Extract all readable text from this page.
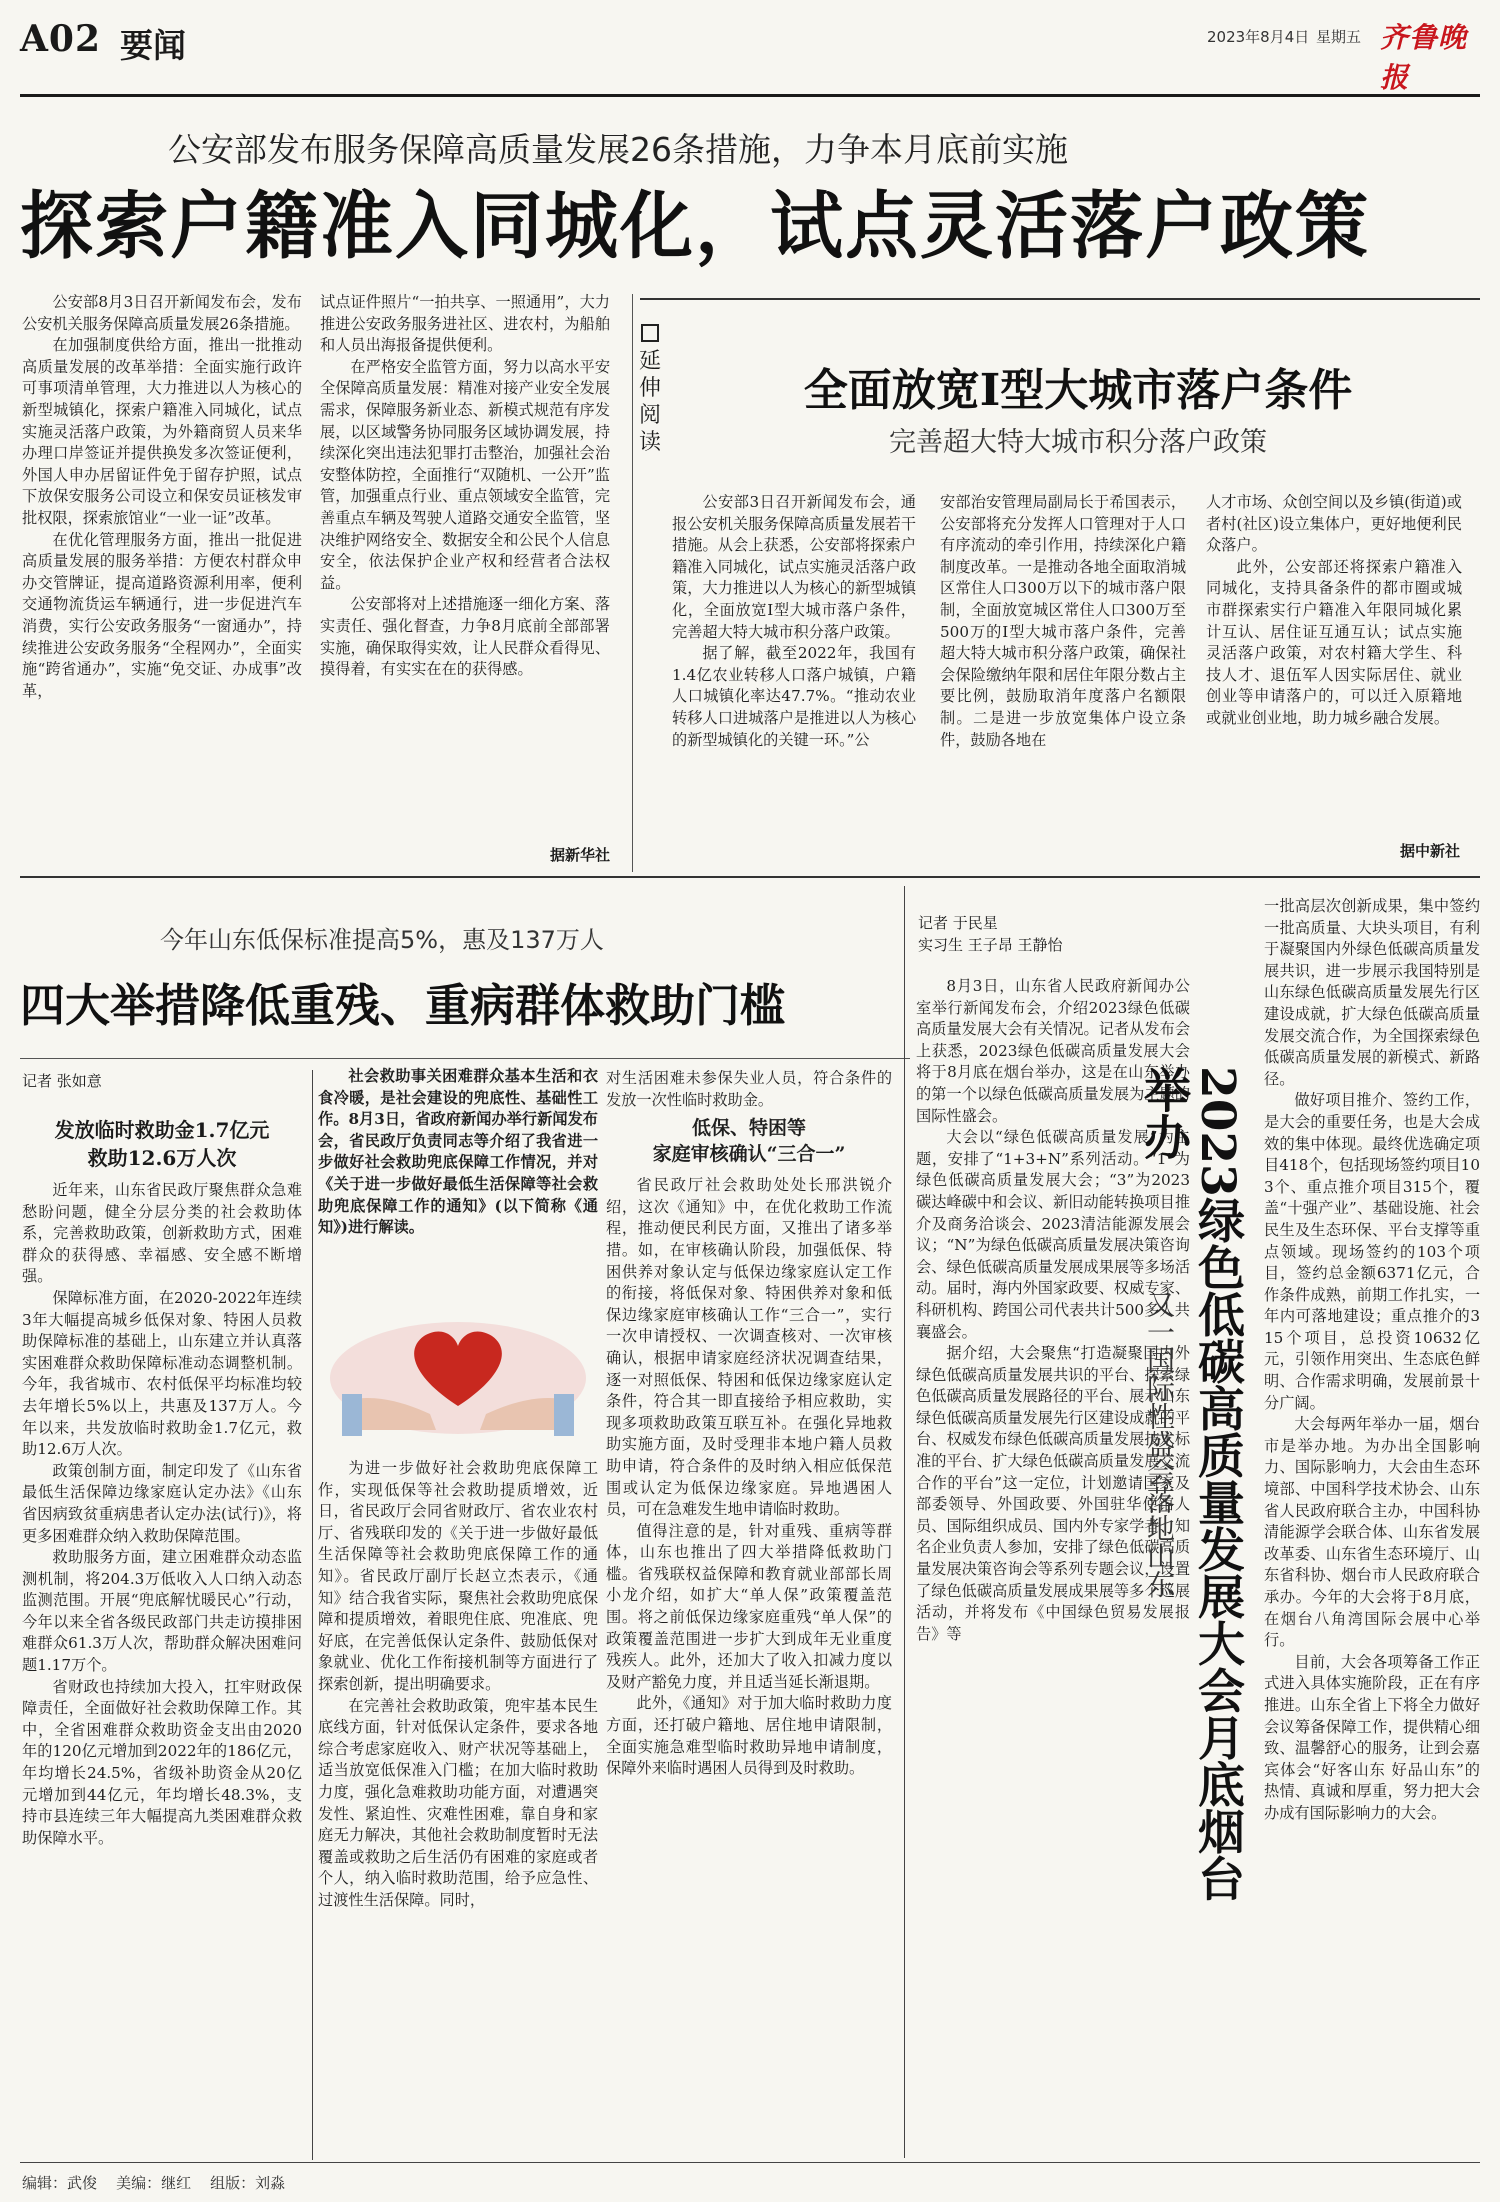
A02 要闻	2023年8月4日 星期五 齐鲁晚报
公安部发布服务保障高质量发展26条措施，力争本月底前实施
探索户籍准入同城化，试点灵活落户政策

公安部8月3日召开新闻发布会，发布公安机关服务保障高质量发展26条措施。

在加强制度供给方面，推出一批推动高质量发展的改革举措：全面实施行政许可事项清单管理，大力推进以人为核心的新型城镇化，探索户籍准入同城化，试点实施灵活落户政策，为外籍商贸人员来华办理口岸签证并提供换发多次签证便利，外国人申办居留证件免于留存护照，试点下放保安服务公司设立和保安员证核发审批权限，探索旅馆业“一业一证”改革。

在优化管理服务方面，推出一批促进高质量发展的服务举措：方便农村群众申办交管牌证，提高道路资源利用率，便利交通物流货运车辆通行，进一步促进汽车消费，实行公安政务服务“一窗通办”，持续推进公安政务服务“全程网办”，全面实施“跨省通办”，实施“免交证、办成事”改革，

试点证件照片“一拍共享、一照通用”，大力推进公安政务服务进社区、进农村，为船舶和人员出海报备提供便利。

在严格安全监管方面，努力以高水平安全保障高质量发展：精准对接产业安全发展需求，保障服务新业态、新模式规范有序发展，以区域警务协同服务区域协调发展，持续深化突出违法犯罪打击整治，加强社会治安整体防控，全面推行“双随机、一公开”监管，加强重点行业、重点领域安全监管，完善重点车辆及驾驶人道路交通安全监管，坚决维护网络安全、数据安全和公民个人信息安全，依法保护企业产权和经营者合法权益。

公安部将对上述措施逐一细化方案、落实责任、强化督查，力争8月底前全部部署实施，确保取得实效，让人民群众看得见、摸得着，有实实在在的获得感。

据新华社
延伸阅读
全面放宽Ⅰ型大城市落户条件
完善超大特大城市积分落户政策

公安部3日召开新闻发布会，通报公安机关服务保障高质量发展若干措施。从会上获悉，公安部将探索户籍准入同城化，试点实施灵活落户政策，大力推进以人为核心的新型城镇化，全面放宽Ⅰ型大城市落户条件，完善超大特大城市积分落户政策。

据了解，截至2022年，我国有1.4亿农业转移人口落户城镇，户籍人口城镇化率达47.7%。“推动农业转移人口进城落户是推进以人为核心的新型城镇化的关键一环。”公

安部治安管理局副局长于希国表示，公安部将充分发挥人口管理对于人口有序流动的牵引作用，持续深化户籍制度改革。一是推动各地全面取消城区常住人口300万以下的城市落户限制，全面放宽城区常住人口300万至500万的Ⅰ型大城市落户条件，完善超大特大城市积分落户政策，确保社会保险缴纳年限和居住年限分数占主要比例，鼓励取消年度落户名额限制。二是进一步放宽集体户设立条件，鼓励各地在

人才市场、众创空间以及乡镇(街道)或者村(社区)设立集体户，更好地便利民众落户。

此外，公安部还将探索户籍准入同城化，支持具备条件的都市圈或城市群探索实行户籍准入年限同城化累计互认、居住证互通互认；试点实施灵活落户政策，对农村籍大学生、科技人才、退伍军人因实际居住、就业创业等申请落户的，可以迁入原籍地或就业创业地，助力城乡融合发展。

据中新社
今年山东低保标准提高5%，惠及137万人
四大举措降低重残、重病群体救助门槛
记者 张如意
发放临时救助金1.7亿元
救助12.6万人次

近年来，山东省民政厅聚焦群众急难愁盼问题，健全分层分类的社会救助体系，完善救助政策，创新救助方式，困难群众的获得感、幸福感、安全感不断增强。

保障标准方面，在2020-2022年连续3年大幅提高城乡低保对象、特困人员救助保障标准的基础上，山东建立并认真落实困难群众救助保障标准动态调整机制。今年，我省城市、农村低保平均标准均较去年增长5%以上，共惠及137万人。今年以来，共发放临时救助金1.7亿元，救助12.6万人次。

政策创制方面，制定印发了《山东省最低生活保障边缘家庭认定办法》《山东省因病致贫重病患者认定办法(试行)》，将更多困难群众纳入救助保障范围。

救助服务方面，建立困难群众动态监测机制，将204.3万低收入人口纳入动态监测范围。开展“兜底解忧暖民心”行动，今年以来全省各级民政部门共走访摸排困难群众61.3万人次，帮助群众解决困难问题1.17万个。

省财政也持续加大投入，扛牢财政保障责任，全面做好社会救助保障工作。其中，全省困难群众救助资金支出由2020年的120亿元增加到2022年的186亿元，年均增长24.5%，省级补助资金从20亿元增加到44亿元，年均增长48.3%，支持市县连续三年大幅提高九类困难群众救助保障水平。

社会救助事关困难群众基本生活和衣食冷暖，是社会建设的兜底性、基础性工作。8月3日，省政府新闻办举行新闻发布会，省民政厅负责同志等介绍了我省进一步做好社会救助兜底保障工作情况，并对《关于进一步做好最低生活保障等社会救助兜底保障工作的通知》(以下简称《通知》)进行解读。

为进一步做好社会救助兜底保障工作，实现低保等社会救助提质增效，近日，省民政厅会同省财政厅、省农业农村厅、省残联印发的《关于进一步做好最低生活保障等社会救助兜底保障工作的通知》。省民政厅副厅长赵立杰表示，《通知》结合我省实际，聚焦社会救助兜底保障和提质增效，着眼兜住底、兜准底、兜好底，在完善低保认定条件、鼓励低保对象就业、优化工作衔接机制等方面进行了探索创新，提出明确要求。

在完善社会救助政策，兜牢基本民生底线方面，针对低保认定条件，要求各地综合考虑家庭收入、财产状况等基础上，适当放宽低保准入门槛；在加大临时救助力度，强化急难救助功能方面，对遭遇突发性、紧迫性、灾难性困难，靠自身和家庭无力解决，其他社会救助制度暂时无法覆盖或救助之后生活仍有困难的家庭或者个人，纳入临时救助范围，给予应急性、过渡性生活保障。同时，

对生活困难未参保失业人员，符合条件的发放一次性临时救助金。

低保、特困等
家庭审核确认“三合一”

省民政厅社会救助处处长邢洪锐介绍，这次《通知》中，在优化救助工作流程，推动便民利民方面，又推出了诸多举措。如，在审核确认阶段，加强低保、特困供养对象认定与低保边缘家庭认定工作的衔接，将低保对象、特困供养对象和低保边缘家庭审核确认工作“三合一”，实行一次申请授权、一次调查核对、一次审核确认，根据申请家庭经济状况调查结果，逐一对照低保、特困和低保边缘家庭认定条件，符合其一即直接给予相应救助，实现多项救助政策互联互补。在强化异地救助实施方面，及时受理非本地户籍人员救助申请，符合条件的及时纳入相应低保范围或认定为低保边缘家庭。异地遇困人员，可在急难发生地申请临时救助。

值得注意的是，针对重残、重病等群体，山东也推出了四大举措降低救助门槛。省残联权益保障和教育就业部部长周小龙介绍，如扩大“单人保”政策覆盖范围。将之前低保边缘家庭重残“单人保”的政策覆盖范围进一步扩大到成年无业重度残疾人。此外，还加大了收入扣减力度以及财产豁免力度，并且适当延长渐退期。

此外，《通知》对于加大临时救助力度方面，还打破户籍地、居住地申请限制，全面实施急难型临时救助异地申请制度，保障外来临时遇困人员得到及时救助。

记者 于民星
实习生 王子昂 王静怡

8月3日，山东省人民政府新闻办公室举行新闻发布会，介绍2023绿色低碳高质量发展大会有关情况。记者从发布会上获悉，2023绿色低碳高质量发展大会将于8月底在烟台举办，这是在山东举办的第一个以绿色低碳高质量发展为主题的国际性盛会。

大会以“绿色低碳高质量发展”为主题，安排了“1+3+N”系列活动。“1”为绿色低碳高质量发展大会；“3”为2023碳达峰碳中和会议、新旧动能转换项目推介及商务洽谈会、2023清洁能源发展会议；“N”为绿色低碳高质量发展决策咨询会、绿色低碳高质量发展成果展等多场活动。届时，海内外国家政要、权威专家、科研机构、跨国公司代表共计500多人共襄盛会。

据介绍，大会聚焦“打造凝聚国内外绿色低碳高质量发展共识的平台、探索绿色低碳高质量发展路径的平台、展示山东绿色低碳高质量发展先行区建设成就的平台、权威发布绿色低碳高质量发展技术标准的平台、扩大绿色低碳高质量发展交流合作的平台”这一定位，计划邀请国家及部委领导、外国政要、外国驻华使馆人员、国际组织成员、国内外专家学者、知名企业负责人参加，安排了绿色低碳高质量发展决策咨询会等系列专题会议，设置了绿色低碳高质量发展成果展等多个巡展活动，并将发布《中国绿色贸易发展报告》等	2023绿色低碳高质量发展大会月底烟台举办
又一国际性盛会落地山东

一批高层次创新成果，集中签约一批高质量、大块头项目，有利于凝聚国内外绿色低碳高质量发展共识，进一步展示我国特别是山东绿色低碳高质量发展先行区建设成就，扩大绿色低碳高质量发展交流合作，为全国探索绿色低碳高质量发展的新模式、新路径。

做好项目推介、签约工作，是大会的重要任务，也是大会成效的集中体现。最终优选确定项目418个，包括现场签约项目103个、重点推介项目315个，覆盖“十强产业”、基础设施、社会民生及生态环保、平台支撑等重点领域。现场签约的103个项目，签约总金额6371亿元，合作条件成熟，前期工作扎实，一年内可落地建设；重点推介的315个项目，总投资10632亿元，引领作用突出、生态底色鲜明、合作需求明确，发展前景十分广阔。

大会每两年举办一届，烟台市是举办地。为办出全国影响力、国际影响力，大会由生态环境部、中国科学技术协会、山东省人民政府联合主办，中国科协清能源学会联合体、山东省发展改革委、山东省生态环境厅、山东省科协、烟台市人民政府联合承办。今年的大会将于8月底，在烟台八角湾国际会展中心举行。

目前，大会各项筹备工作正式进入具体实施阶段，正在有序推进。山东全省上下将全力做好会议筹备保障工作，提供精心细致、温馨舒心的服务，让到会嘉宾体会“好客山东 好品山东”的热情、真诚和厚重，努力把大会办成有国际影响力的大会。

编辑：武俊    美编：继红    组版：刘淼
